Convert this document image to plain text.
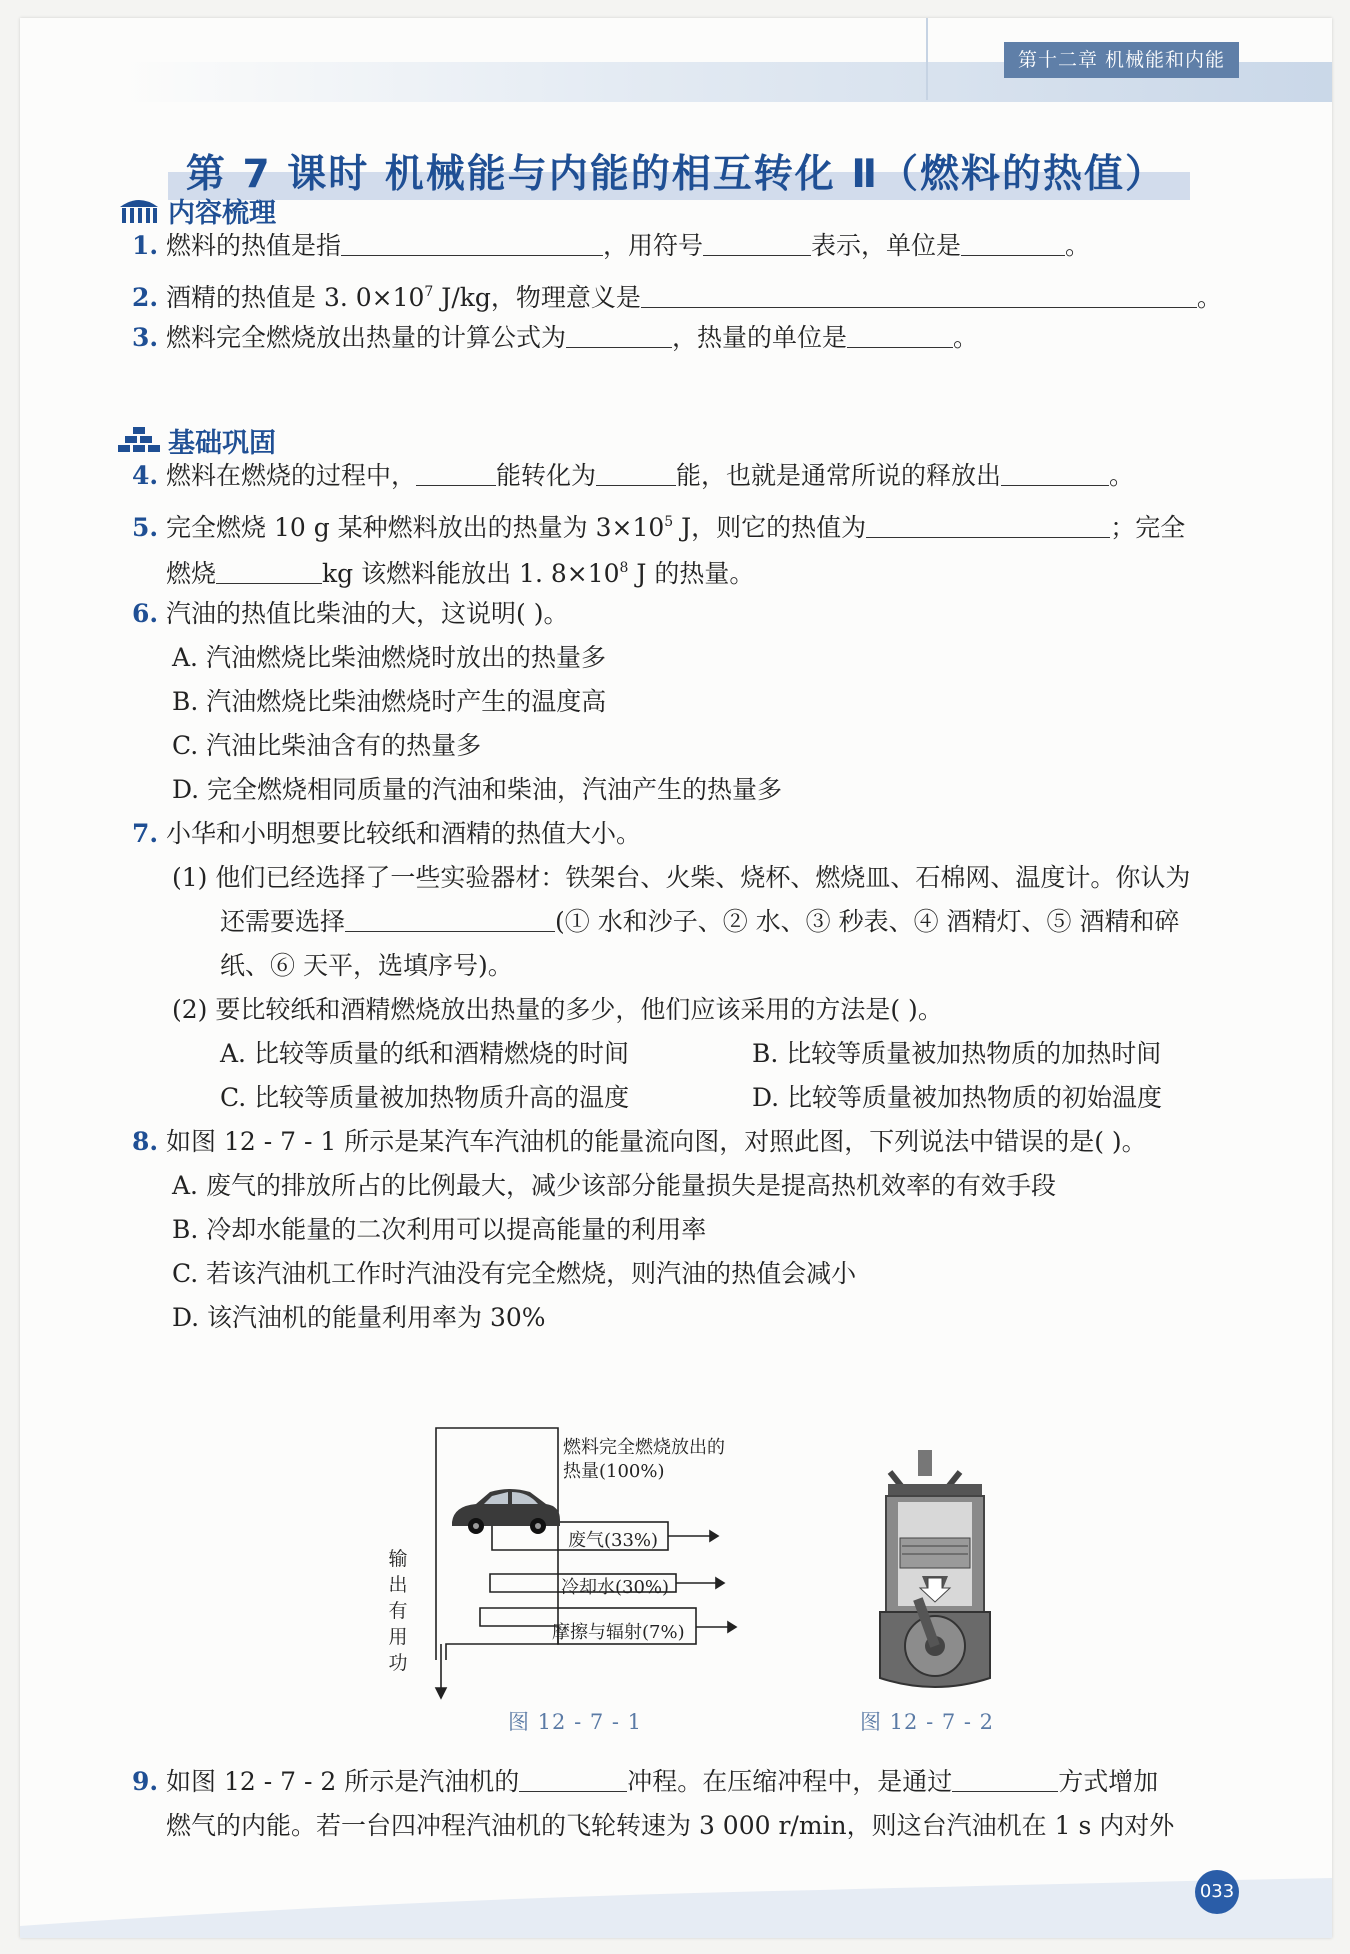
第十二章 机械能和内能
第 7 课时 机械能与内能的相互转化 Ⅱ（燃料的热值）
内容梳理
1. 燃料的热值是指	，用符号	表示，单位是	。
2. 酒精的热值是 3. $0\times 10^7$ J/kg，物理意义是	。
3. 燃料完全燃烧放出热量的计算公式为	，热量的单位是	。
基础巩固
4. 燃料在燃烧的过程中，	能转化为	能，也就是通常所说的释放出	。
5. 完全燃烧 10 g 某种燃料放出的热量为 $3\times 10^5$ J，则它的热值为	；完全
燃烧	kg 该燃料能放出 1. $8\times 10^8$ J 的热量。
6. 汽油的热值比柴油的大，这说明( )。
A. 汽油燃烧比柴油燃烧时放出的热量多
B. 汽油燃烧比柴油燃烧时产生的温度高
C. 汽油比柴油含有的热量多
D. 完全燃烧相同质量的汽油和柴油，汽油产生的热量多
7. 小华和小明想要比较纸和酒精的热值大小。
(1) 他们已经选择了一些实验器材：铁架台、火柴、烧杯、燃烧皿、石棉网、温度计。你认为
还需要选择	(① 水和沙子、② 水、③ 秒表、④ 酒精灯、⑤ 酒精和碎
纸、⑥ 天平，选填序号)。
(2) 要比较纸和酒精燃烧放出热量的多少，他们应该采用的方法是( )。
A. 比较等质量的纸和酒精燃烧的时间	B. 比较等质量被加热物质的加热时间
C. 比较等质量被加热物质升高的温度	D. 比较等质量被加热物质的初始温度
8. 如图 12 - 7 - 1 所示是某汽车汽油机的能量流向图，对照此图，下列说法中错误的是( )。
A. 废气的排放所占的比例最大，减少该部分能量损失是提高热机效率的有效手段
B. 冷却水能量的二次利用可以提高能量的利用率
C. 若该汽油机工作时汽油没有完全燃烧，则汽油的热值会减小
D. 该汽油机的能量利用率为 30%
燃料完全燃烧放出的
热量(100%)
废气(33%)
冷却水(30%)
摩擦与辐射(7%)
输
出
有
用
功
图 12 - 7 - 1	图 12 - 7 - 2
9. 如图 12 - 7 - 2 所示是汽油机的	冲程。在压缩冲程中，是通过	方式增加
燃气的内能。若一台四冲程汽油机的飞轮转速为 3 000 r/min，则这台汽油机在 1 s 内对外
033
